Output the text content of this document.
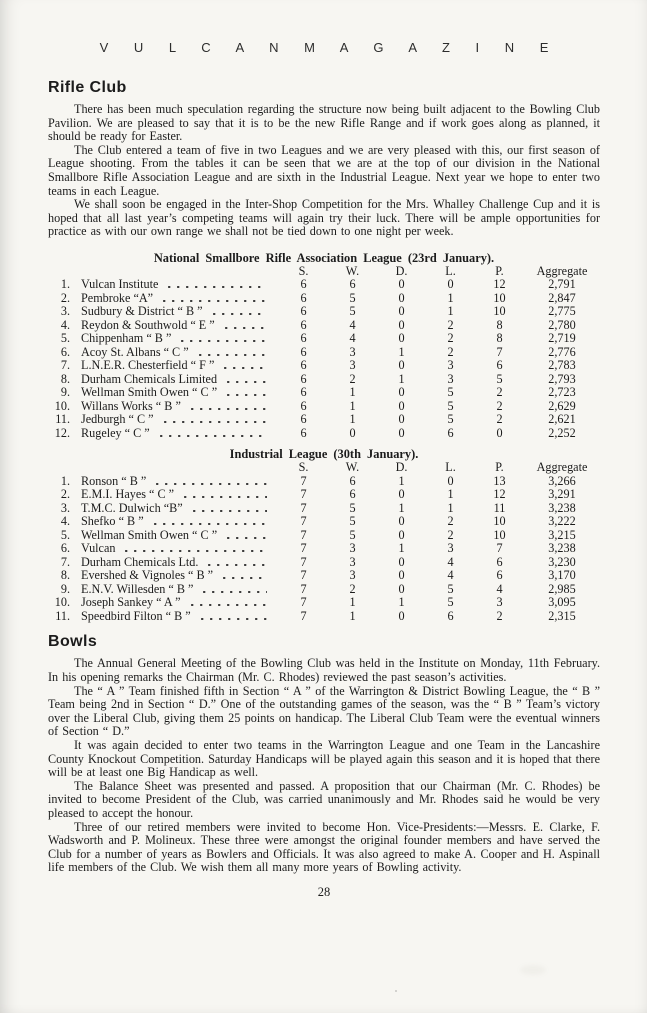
V U L C A N M A G A Z I N E
Rifle Club

There has been much speculation regarding the structure now being built adjacent to the Bowling Club Pavilion. We are pleased to say that it is to be the new Rifle Range and if work goes along as planned, it should be ready for Easter.

The Club entered a team of five in two Leagues and we are very pleased with this, our first season of League shooting. From the tables it can be seen that we are at the top of our division in the National Smallbore Rifle Association League and are sixth in the Industrial League. Next year we hope to enter two teams in each League.

We shall soon be engaged in the Inter-Shop Competition for the Mrs. Whalley Challenge Cup and it is hoped that all last year’s competing teams will again try their luck. There will be ample opportunities for practice as with our own range we shall not be tied down to one night per week.

National Smallbore Rifle Association League (23rd January).
S.	W.	D.	L.	P.	Aggregate
1. Vulcan Institute	6	6	0	0	12	2,791
2. Pembroke “A”	6	5	0	1	10	2,847
3. Sudbury & District “ B ”	6	5	0	1	10	2,775
4. Reydon & Southwold “ E ”	6	4	0	2	8	2,780
5. Chippenham “ B ”	6	4	0	2	8	2,719
6. Acoy St. Albans “ C ”	6	3	1	2	7	2,776
7. L.N.E.R. Chesterfield “ F ”	6	3	0	3	6	2,783
8. Durham Chemicals Limited	6	2	1	3	5	2,793
9. Wellman Smith Owen “ C ”	6	1	0	5	2	2,723
10. Willans Works “ B ”	6	1	0	5	2	2,629
11. Jedburgh “ C ”	6	1	0	5	2	2,621
12. Rugeley “ C ”	6	0	0	6	0	2,252
Industrial League (30th January).
S.	W.	D.	L.	P.	Aggregate
1. Ronson “ B ”	7	6	1	0	13	3,266
2. E.M.I. Hayes “ C ”	7	6	0	1	12	3,291
3. T.M.C. Dulwich “B”	7	5	1	1	11	3,238
4. Shefko “ B ”	7	5	0	2	10	3,222
5. Wellman Smith Owen “ C ”	7	5	0	2	10	3,215
6. Vulcan	7	3	1	3	7	3,238
7. Durham Chemicals Ltd.	7	3	0	4	6	3,230
8. Evershed & Vignoles “ B ”	7	3	0	4	6	3,170
9. E.N.V. Willesden “ B ”	7	2	0	5	4	2,985
10. Joseph Sankey “ A ”	7	1	1	5	3	3,095
11. Speedbird Filton “ B ”	7	1	0	6	2	2,315
Bowls

The Annual General Meeting of the Bowling Club was held in the Institute on Monday, 11th February. In his opening remarks the Chairman (Mr. C. Rhodes) reviewed the past season’s activities.

The “ A ” Team finished fifth in Section “ A ” of the Warrington & District Bowling League, the “ B ” Team being 2nd in Section “ D.” One of the outstanding games of the season, was the “ B ” Team’s victory over the Liberal Club, giving them 25 points on handicap. The Liberal Club Team were the eventual winners of Section “ D.”

It was again decided to enter two teams in the Warrington League and one Team in the Lancashire County Knockout Competition. Saturday Handicaps will be played again this season and it is hoped that there will be at least one Big Handicap as well.

The Balance Sheet was presented and passed. A proposition that our Chairman (Mr. C. Rhodes) be invited to become President of the Club, was carried unanimously and Mr. Rhodes said he would be very pleased to accept the honour.

Three of our retired members were invited to become Hon. Vice-Presidents:—Messrs. E. Clarke, F. Wadsworth and P. Molineux. These three were amongst the original founder members and have served the Club for a number of years as Bowlers and Officials. It was also agreed to make A. Cooper and H. Aspinall life members of the Club. We wish them all many more years of Bowling activity.

28
